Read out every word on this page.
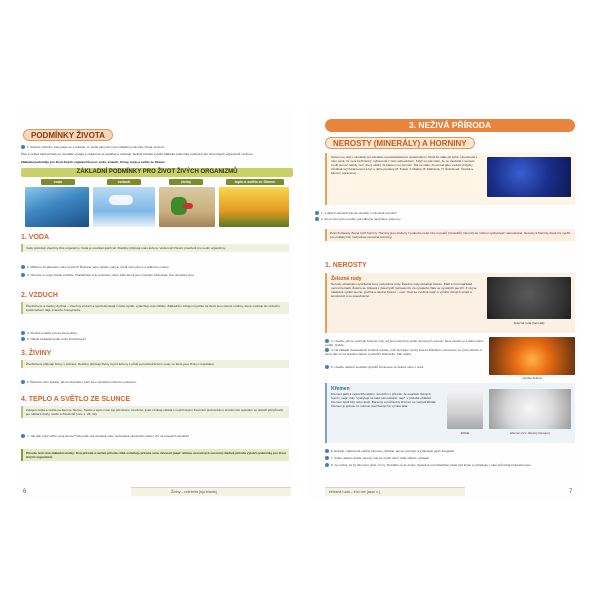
PODMÍNKY ŽIVOTA
1. Zavřete učebnici. Zamyslete se a řekněte, co podle vás patří mezi základní podmínky života na Zemi.
Živé a neživé části přírody se neustále vyvíjejí a vzájemně se doplňují a ovlivňují. Neživá příroda vytváří základní podmínky nezbytné pro život živých organizmů na Zemi.
Základní podmínky pro život živých organizmů jsou: voda, vzduch, živiny, teplo a světlo ze Slunce
ZÁKLADNÍ PODMÍNKY PRO ŽIVOT ŽIVÝCH ORGANIZMŮ
voda	vzduch	živiny	teplo a světlo ze Slunce
1. VODA
Vodu potřebují všechny živé organizmy. Voda je součástí jejich těl. Rostliny přijímají vodu kořeny. Voda tvoří životní prostředí pro vodní organizmy.
2. Můžeme pít jakoukoli vodu na Zemi? Řekněte nebo zjistěte, jaký je rozdíl mezi pitnou a užitkovou vodou.
3. Otevřete si mapy Světlo a Pětka. Prohlédněte si je a řekněte, které části Země jsou nejsušší. Diskutujte. Sve domácký stroj.
2. VZDUCH
Živočichové a rostliny dýchají – všechny vzduch a spotřebovávají z něho kyslík, vydechují oxid uhličitý. Základním zdrojem kyslíku na Zemi jsou zelené rostliny, které uvolňují do vzduchu kyslík během děje zvaného fotosyntéza.
4. Stručně popište proces fotosyntézy.
5. Odkud získávají kyslík vodní živočichové?
3. ŽIVINY
Živočichové přijímají živiny v potravě. Rostliny přijímají živiny svými kořeny z půdy a prostřednictvím vody, ve které jsou živiny rozpuštěné.
6. Řekněte nebo zjistěte, jak se říká lidem, kteří jsou výhradně rostlinnou potravou.
4. TEPLO A SVĚTLO ZE SLUNCE
Zdrojem tepla a světla na Zemi je Slunce. Světlo a teplo musí být přiměřené množství, jinak vznikají oblasti s nepříznivými životními podmínkami. Extrémním teplotám se dokáží přizpůsobit jen některé druhy rostlin a živočichů (více s. 28, 32).
7. Jak rádi, když vidíte vývoj slunce? Má podle vás dostatek nebo nedostatek slunečního záření vliv na prospěch člověka?
Příroda tvoří dvě základní složky: živá příroda a neživá příroda. Obě ovlivňuje příroda svou činností (např. těžbou nerostných surovin). Neživá příroda vytváří podmínky pro život živých organizmů.
6	Živiny – nutrients [nju:triants]
3. NEŽIVÁ PŘÍRODA
NEROSTY (MINERÁLY) A HORNINY
Kámen se stal v minulosti pro člověka nepostradatelným společníkem. Nosil ho stále při sobě. Upevňoval v něm pocit, že není bezbranný, vybavoval v něm sebevědomí. Když se pak stalo, že se zaobíral s nemocí, zvolil pomoc někdy i ten, který věděl, že kámen mu pomohl. Tak se stalo, že temně jako vodník vždycky zůstával svým kamenem a byl u něho poutavý (Z. Kukal, J. Malina, B. Malinová, H. Šrámková: Člověk a kámen; upraveno).
1. V jakých situacích kámen člověku v minulosti pomohl?
2. Za pomoci textu uveďte, jak odborně nazýváme „kameny“.
Povrch planety Země tvoří horniny. Horniny jsou složeny z jednoho nebo více nerostů (minerálů). Nerosty se mohou vyskytovat i samostatně. Nerosty a horniny, které lze využít pro potřeby lidí, nazýváme nerostné suroviny.
1. NEROSTY
Železné rudy
Nerosty obsahující využitelné kovy nazýváme rudy. Železné rudy obsahují železo. Patří k nim například nerost hematit. Železo se získává z železných rud tavením za vysokého žáru ve vysokých pecích. Z něj se následně vyrábí pevné, pružné a odolné železo – ocel. Ocel se využívá např. k výrobě různých strojů a konstrukcí a ve stavebnictví.
železná ruda (hematit)
3. Uveďte, jak se využívají železné rudy, jež jsou nazývány podle nerostných surovin, které člověk vy a dobe najvíc vyrábí. Ověřte.
4. Na základě dosavadních znalostí uveďte, proč byl objev výroby železa důležitým momentem ve vývoji lidstva. K čemu lidé už od pravěku železo využívali? Diskutujte. Pak ověřte.
5. Uveďte některé součásti výrobků zhotovené ze železa nebo z oceli.
výroba železa
Křemen
Křemen patří k nejrozšířenějším nerostům v přírodě. Je součástí různých hornin, např. žuly. Vyskytuje se také samostatně, např. v podobě oblázků. Křemen bývá bílý nebo šedý. Barevný a průhledný křemen se nazývá křišťál. Křemen je jednou ze surovin používaných k výrobě skla.
křišťál	křemen (tzv. obecný křemen)
6. Existují i zabarvené odrůdy křemene. Zjistěte, jak se nazývají, a vyhledejte jejich fotografie.
7. Znáte některé drahé nerosty, kde se vyrábí sklo? Uděj můžete vyhledat.
8. Je možné, že by tělo lesní pilné u hory. Rozdělte se do dvojic. Společně si prohlédněte písek pod lupou a vyhledejte v něm průsvitná zrnka křemene.
železná ruda – iron ore [aɪən ɔː]	7
